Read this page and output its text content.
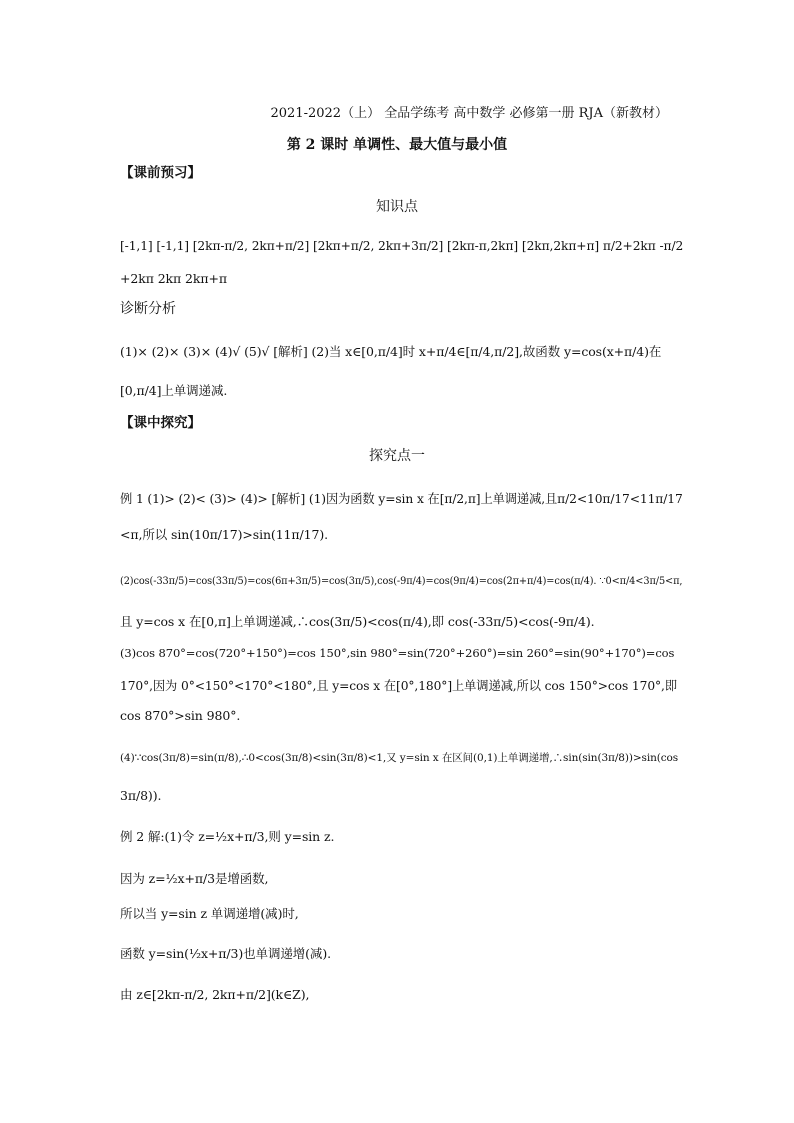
2021-2022（上） 全品学练考 高中数学 必修第一册 RJA（新教材）
第 2 课时 单调性、最大值与最小值
【课前预习】
知识点
[-1,1] [-1,1] [2kπ-π/2, 2kπ+π/2] [2kπ+π/2, 2kπ+3π/2] [2kπ-π,2kπ] [2kπ,2kπ+π] π/2+2kπ -π/2
+2kπ 2kπ 2kπ+π
诊断分析
(1)× (2)× (3)× (4)√ (5)√ [解析] (2)当 x∈[0,π/4]时 x+π/4∈[π/4,π/2],故函数 y=cos(x+π/4)在
[0,π/4]上单调递减.
【课中探究】
探究点一
例 1 (1)> (2)< (3)> (4)> [解析] (1)因为函数 y=sin x 在[π/2,π]上单调递减,且π/2<10π/17<11π/17
<π,所以 sin(10π/17)>sin(11π/17).
(2)cos(-33π/5)=cos(33π/5)=cos(6π+3π/5)=cos(3π/5),cos(-9π/4)=cos(9π/4)=cos(2π+π/4)=cos(π/4). ∵0<π/4<3π/5<π,
且 y=cos x 在[0,π]上单调递减,∴cos(3π/5)<cos(π/4),即 cos(-33π/5)<cos(-9π/4).
(3)cos 870°=cos(720°+150°)=cos 150°,sin 980°=sin(720°+260°)=sin 260°=sin(90°+170°)=cos
170°,因为 0°<150°<170°<180°,且 y=cos x 在[0°,180°]上单调递减,所以 cos 150°>cos 170°,即
cos 870°>sin 980°.
(4)∵cos(3π/8)=sin(π/8),∴0<cos(3π/8)<sin(3π/8)<1,又 y=sin x 在区间(0,1)上单调递增,∴sin(sin(3π/8))>sin(cos
3π/8)).
例 2 解:(1)令 z=½x+π/3,则 y=sin z.
因为 z=½x+π/3是增函数,
所以当 y=sin z 单调递增(减)时,
函数 y=sin(½x+π/3)也单调递增(减).
由 z∈[2kπ-π/2, 2kπ+π/2](k∈Z),
